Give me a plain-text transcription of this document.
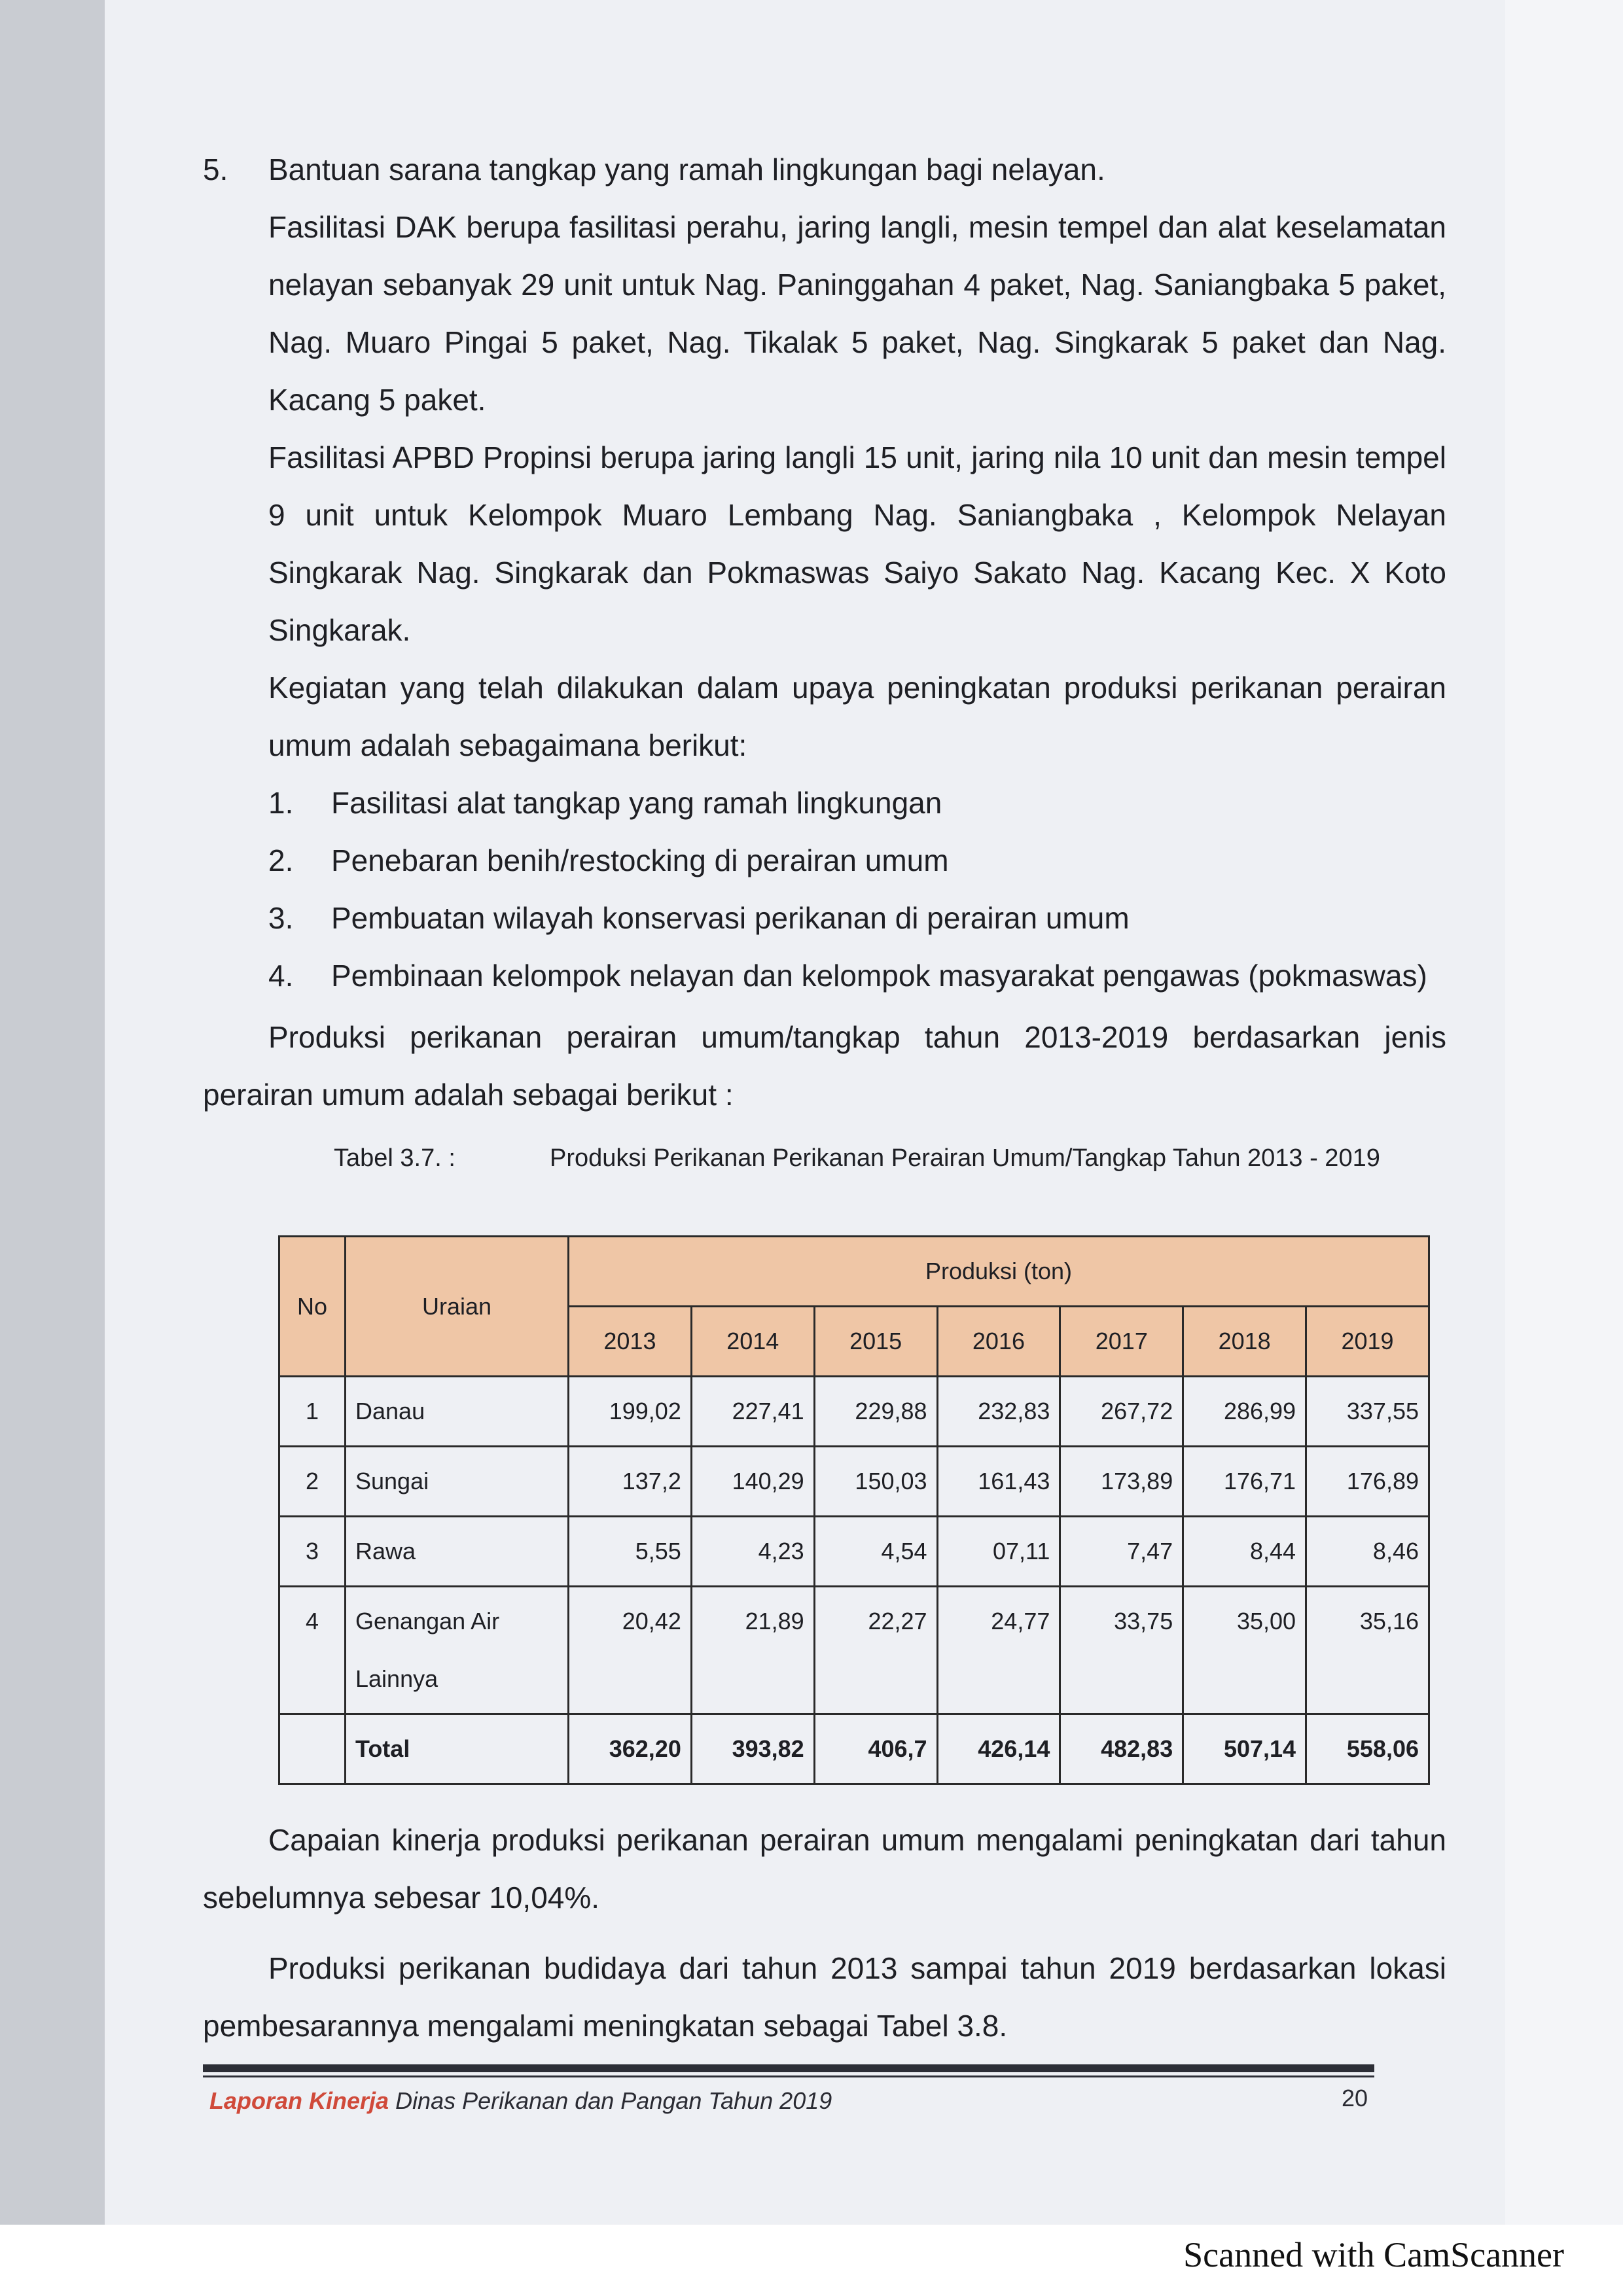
5.	Bantuan sarana tangkap yang ramah lingkungan bagi nelayan.

Fasilitasi DAK berupa fasilitasi perahu, jaring langli, mesin tempel dan alat keselamatan nelayan sebanyak 29 unit untuk Nag. Paninggahan 4 paket, Nag. Saniangbaka 5 paket, Nag. Muaro Pingai 5 paket, Nag. Tikalak 5 paket, Nag. Singkarak 5 paket dan Nag. Kacang 5 paket.

Fasilitasi APBD Propinsi berupa jaring langli 15 unit, jaring nila 10 unit dan mesin tempel 9 unit untuk Kelompok Muaro Lembang Nag. Saniangbaka , Kelompok Nelayan Singkarak Nag. Singkarak dan Pokmaswas Saiyo Sakato Nag. Kacang Kec. X Koto Singkarak.

Kegiatan yang telah dilakukan dalam upaya peningkatan produksi perikanan perairan umum adalah sebagaimana berikut:

1.	Fasilitasi alat tangkap yang ramah lingkungan
2.	Penebaran benih/restocking di perairan umum
3.	Pembuatan wilayah konservasi perikanan di perairan umum
4.	Pembinaan kelompok nelayan dan kelompok masyarakat pengawas (pokmaswas)

Produksi perikanan perairan umum/tangkap tahun 2013-2019 berdasarkan jenis perairan umum adalah sebagai berikut :

Tabel 3.7. :	Produksi Perikanan Perikanan Perairan Umum/Tangkap Tahun 2013 - 2019
No	Uraian	Produksi (ton)						
		2013	2014	2015	2016	2017	2018	2019
1	Danau	199,02	227,41	229,88	232,83	267,72	286,99	337,55
2	Sungai	137,2	140,29	150,03	161,43	173,89	176,71	176,89
3	Rawa	5,55	4,23	4,54	07,11	7,47	8,44	8,46
4	Genangan Air Lainnya	20,42	21,89	22,27	24,77	33,75	35,00	35,16
	Total	362,20	393,82	406,7	426,14	482,83	507,14	558,06

Capaian kinerja produksi perikanan perairan umum mengalami peningkatan dari tahun sebelumnya sebesar 10,04%.

Produksi perikanan budidaya dari tahun 2013 sampai tahun 2019 berdasarkan lokasi pembesarannya mengalami meningkatan sebagai Tabel 3.8.

Laporan Kinerja Dinas Perikanan dan Pangan Tahun 2019	20
Scanned with CamScanner
